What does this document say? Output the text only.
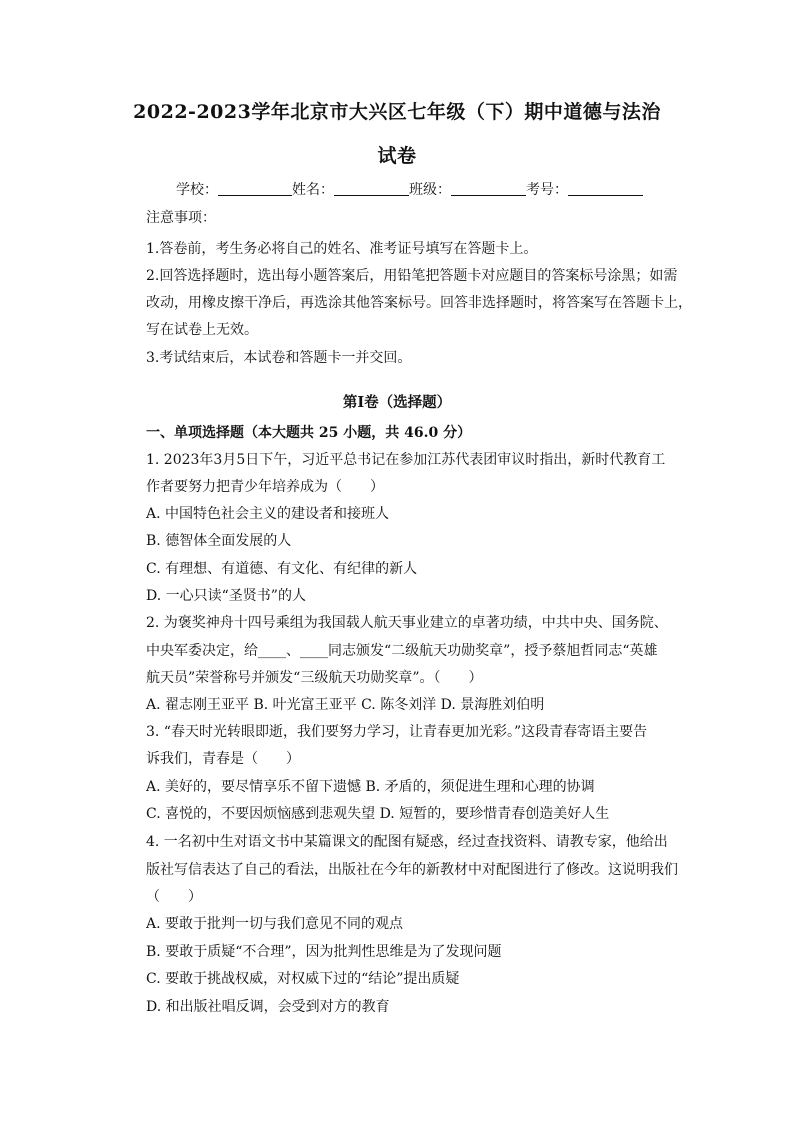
2022-2023学年北京市大兴区七年级（下）期中道德与法治
试卷
学校：	姓名：	班级：	考号：
注意事项：
1.答卷前，考生务必将自己的姓名、准考证号填写在答题卡上。
2.回答选择题时，选出每小题答案后，用铅笔把答题卡对应题目的答案标号涂黑；如需
改动，用橡皮擦干净后，再选涂其他答案标号。回答非选择题时，将答案写在答题卡上，
写在试卷上无效。
3.考试结束后，本试卷和答题卡一并交回。
第I卷（选择题）
一、单项选择题（本大题共 25 小题，共 46.0 分）
1. 2023年3月5日下午，习近平总书记在参加江苏代表团审议时指出，新时代教育工
作者要努力把青少年培养成为（　　）
A. 中国特色社会主义的建设者和接班人
B. 德智体全面发展的人
C. 有理想、有道德、有文化、有纪律的新人
D. 一心只读“圣贤书”的人
2. 为褒奖神舟十四号乘组为我国载人航天事业建立的卓著功绩，中共中央、国务院、
中央军委决定，给____、____同志颁发“二级航天功勋奖章”，授予蔡旭哲同志“英雄
航天员”荣誉称号并颁发“三级航天功勋奖章”。（　　）
A. 翟志刚王亚平 B. 叶光富王亚平 C. 陈冬刘洋 D. 景海胜刘伯明
3. “春天时光转眼即逝，我们要努力学习，让青春更加光彩。”这段青春寄语主要告
诉我们，青春是（　　）
A. 美好的，要尽情享乐不留下遗憾 B. 矛盾的，须促进生理和心理的协调
C. 喜悦的，不要因烦恼感到悲观失望 D. 短暂的，要珍惜青春创造美好人生
4. 一名初中生对语文书中某篇课文的配图有疑惑，经过查找资料、请教专家，他给出
版社写信表达了自己的看法，出版社在今年的新教材中对配图进行了修改。这说明我们
（　　）
A. 要敢于批判一切与我们意见不同的观点
B. 要敢于质疑“不合理”，因为批判性思维是为了发现问题
C. 要敢于挑战权威，对权威下过的“结论”提出质疑
D. 和出版社唱反调，会受到对方的教育
